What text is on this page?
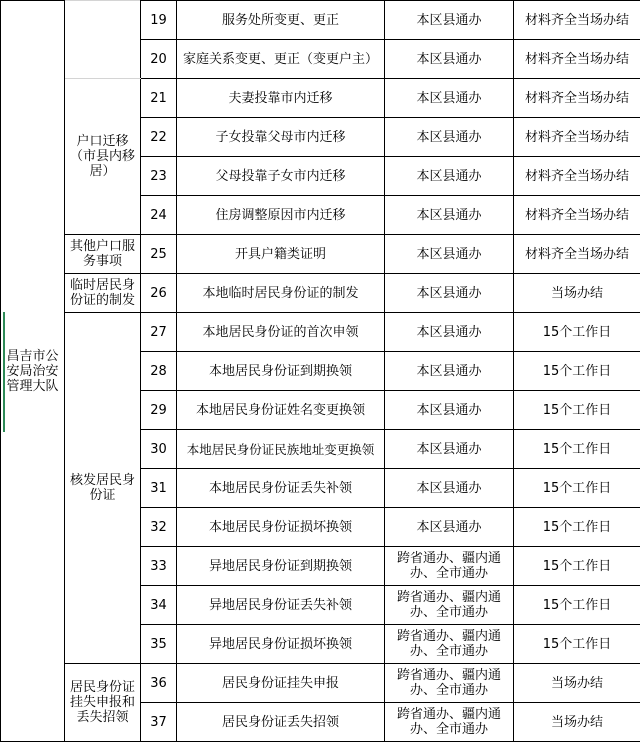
昌吉市公安局治安管理大队		19	服务处所变更、更正	本区县通办	材料齐全当场办结
		20	家庭关系变更、更正（变更户主）	本区县通办	材料齐全当场办结
	户口迁移（市县内移居）	21	夫妻投靠市内迁移	本区县通办	材料齐全当场办结
		22	子女投靠父母市内迁移	本区县通办	材料齐全当场办结
		23	父母投靠子女市内迁移	本区县通办	材料齐全当场办结
		24	住房调整原因市内迁移	本区县通办	材料齐全当场办结
	其他户口服务事项	25	开具户籍类证明	本区县通办	材料齐全当场办结
	临时居民身份证的制发	26	本地临时居民身份证的制发	本区县通办	当场办结
	核发居民身份证	27	本地居民身份证的首次申领	本区县通办	15个工作日
		28	本地居民身份证到期换领	本区县通办	15个工作日
		29	本地居民身份证姓名变更换领	本区县通办	15个工作日
		30	本地居民身份证民族地址变更换领	本区县通办	15个工作日
		31	本地居民身份证丢失补领	本区县通办	15个工作日
		32	本地居民身份证损坏换领	本区县通办	15个工作日
		33	异地居民身份证到期换领	跨省通办、疆内通办、全市通办	15个工作日
		34	异地居民身份证丢失补领	跨省通办、疆内通办、全市通办	15个工作日
		35	异地居民身份证损坏换领	跨省通办、疆内通办、全市通办	15个工作日
	居民身份证挂失申报和丢失招领	36	居民身份证挂失申报	跨省通办、疆内通办、全市通办	当场办结
		37	居民身份证丢失招领	跨省通办、疆内通办、全市通办	当场办结
